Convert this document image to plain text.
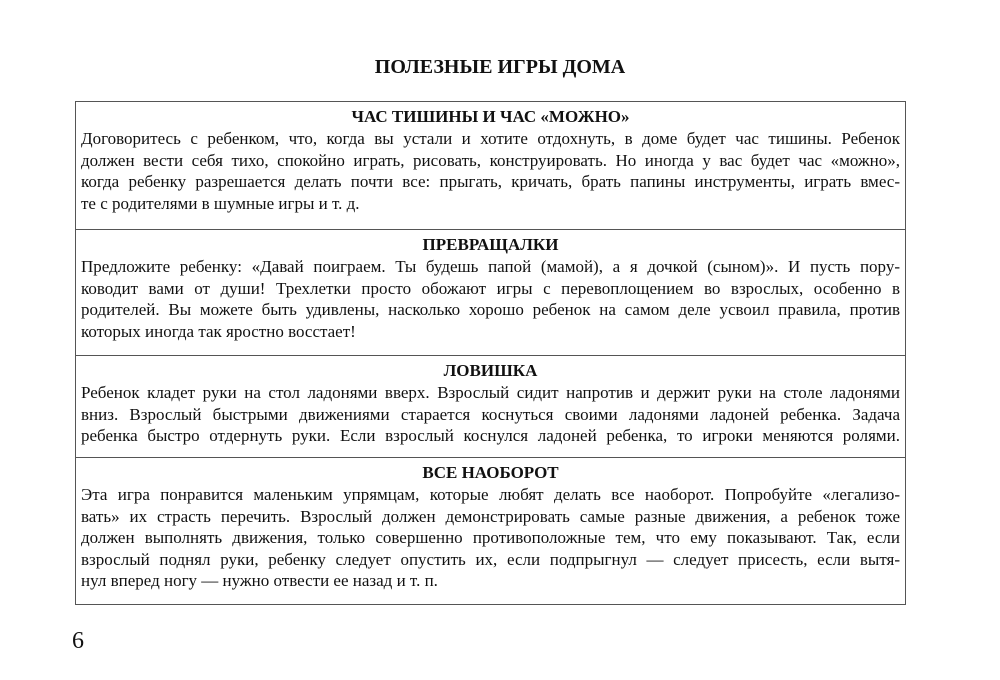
ПОЛЕЗНЫЕ ИГРЫ ДОМА
ЧАС ТИШИНЫ И ЧАС «МОЖНО»
Договоритесь с ребенком, что, когда вы устали и хотите отдохнуть, в доме будет час тишины. Ребенок
должен вести себя тихо, спокойно играть, рисовать, конструировать. Но иногда у вас будет час «можно»,
когда ребенку разрешается делать почти все: прыгать, кричать, брать папины инструменты, играть вмес-
те с родителями в шумные игры и т. д.
ПРЕВРАЩАЛКИ
Предложите ребенку: «Давай поиграем. Ты будешь папой (мамой), а я дочкой (сыном)». И пусть пору-
ководит вами от души! Трехлетки просто обожают игры с перевоплощением во взрослых, особенно в
родителей. Вы можете быть удивлены, насколько хорошо ребенок на самом деле усвоил правила, против
которых иногда так яростно восстает!
ЛОВИШКА
Ребенок кладет руки на стол ладонями вверх. Взрослый сидит напротив и держит руки на столе ладонями
вниз. Взрослый быстрыми движениями старается коснуться своими ладонями ладоней ребенка. Задача
ребенка быстро отдернуть руки. Если взрослый коснулся ладоней ребенка, то игроки меняются ролями.
ВСЕ НАОБОРОТ
Эта игра понравится маленьким упрямцам, которые любят делать все наоборот. Попробуйте «легализо-
вать» их страсть перечить. Взрослый должен демонстрировать самые разные движения, а ребенок тоже
должен выполнять движения, только совершенно противоположные тем, что ему показывают. Так, если
взрослый поднял руки, ребенку следует опустить их, если подпрыгнул — следует присесть, если вытя-
нул вперед ногу — нужно отвести ее назад и т. п.
6
